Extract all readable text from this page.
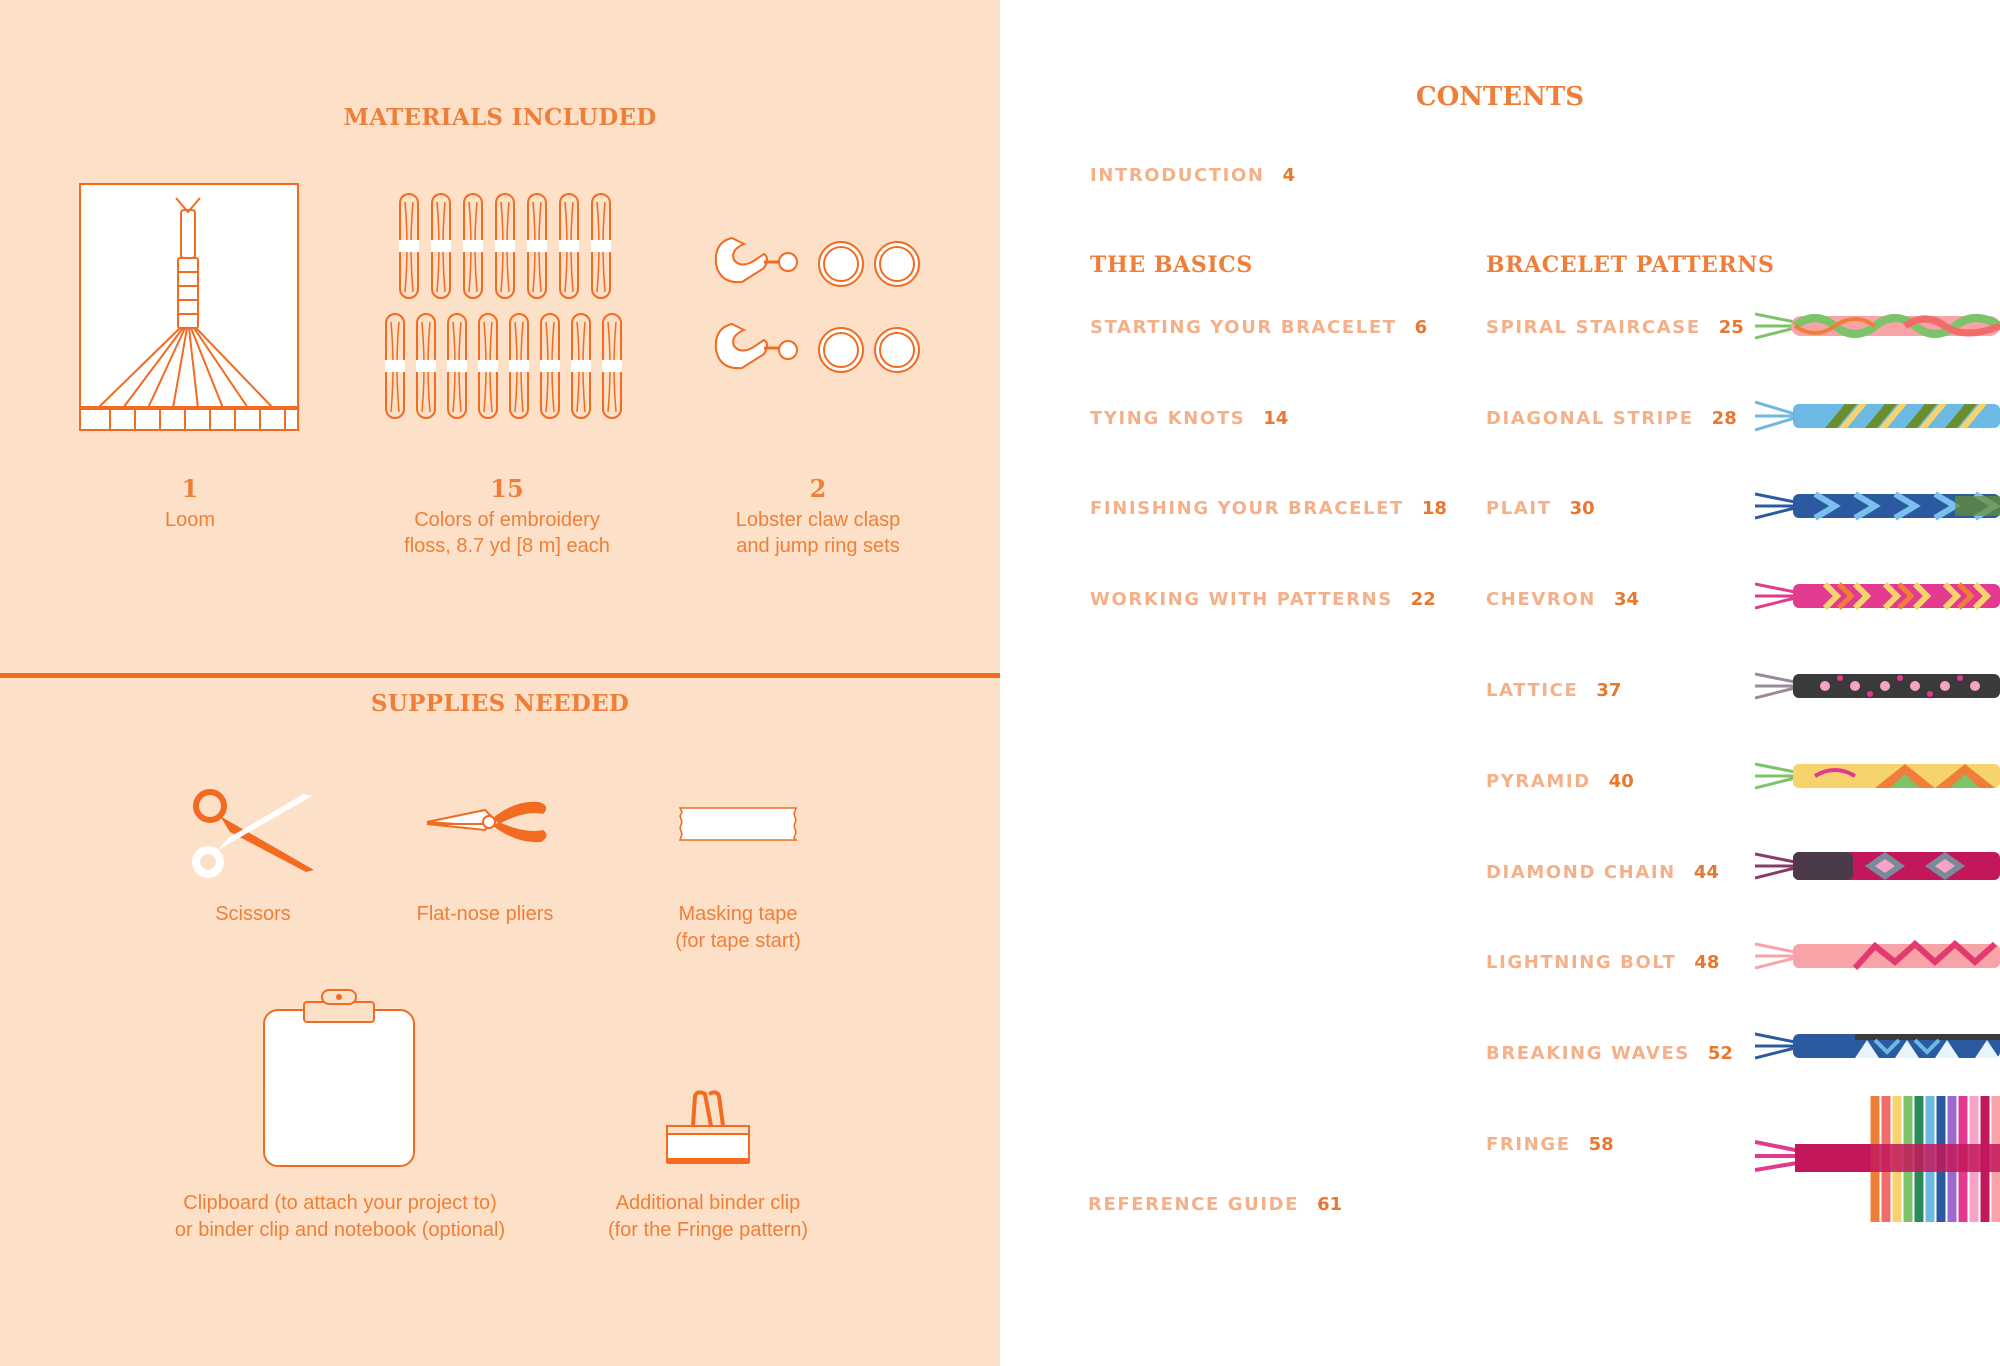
MATERIALS INCLUDED
1
Loom
15
Colors of embroidery
floss, 8.7 yd [8 m] each
2
Lobster claw clasp
and jump ring sets
SUPPLIES NEEDED
Scissors	Flat-nose pliers	Masking tape
(for tape start)
Clipboard (to attach your project to)
or binder clip and notebook (optional)
Additional binder clip
(for the Fringe pattern)
CONTENTS
INTRODUCTION 4
THE BASICS	BRACELET PATTERNS
STARTING YOUR BRACELET 6
TYING KNOTS 14
FINISHING YOUR BRACELET 18
WORKING WITH PATTERNS 22
SPIRAL STAIRCASE 25
DIAGONAL STRIPE 28
PLAIT 30
CHEVRON 34
LATTICE 37
PYRAMID 40
DIAMOND CHAIN 44
LIGHTNING BOLT 48
BREAKING WAVES 52
FRINGE 58
REFERENCE GUIDE 61
